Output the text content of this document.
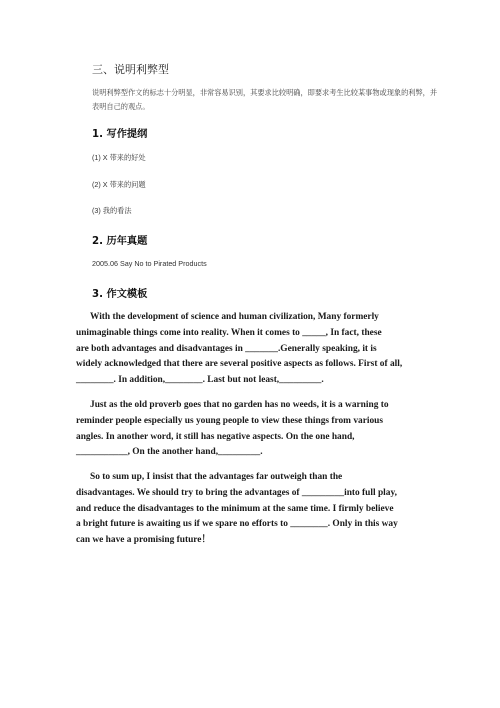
三、说明利弊型
说明利弊型作文的标志十分明显，非常容易识别，其要求比较明确，即要求考生比较某事物或现象的利弊，并表明自己的观点。
1. 写作提纲
(1) X 带来的好处
(2) X 带来的问题
(3) 我的看法
2. 历年真题
2005.06 Say No to Pirated Products
3. 作文模板
With the development of science and human civilization, Many formerly
unimaginable things come into reality. When it comes to _____, In fact, these
are both advantages and disadvantages in _______.Generally speaking, it is
widely acknowledged that there are several positive aspects as follows. First of all,
________. In addition,________. Last but not least,_________.
Just as the old proverb goes that no garden has no weeds, it is a warning to
reminder people especially us young people to view these things from various
angles. In another word, it still has negative aspects. On the one hand,
___________, On the another hand,_________.
So to sum up, I insist that the advantages far outweigh than the
disadvantages. We should try to bring the advantages of _________into full play,
and reduce the disadvantages to the minimum at the same time. I firmly believe
a bright future is awaiting us if we spare no efforts to ________. Only in this way
can we have a promising future！
